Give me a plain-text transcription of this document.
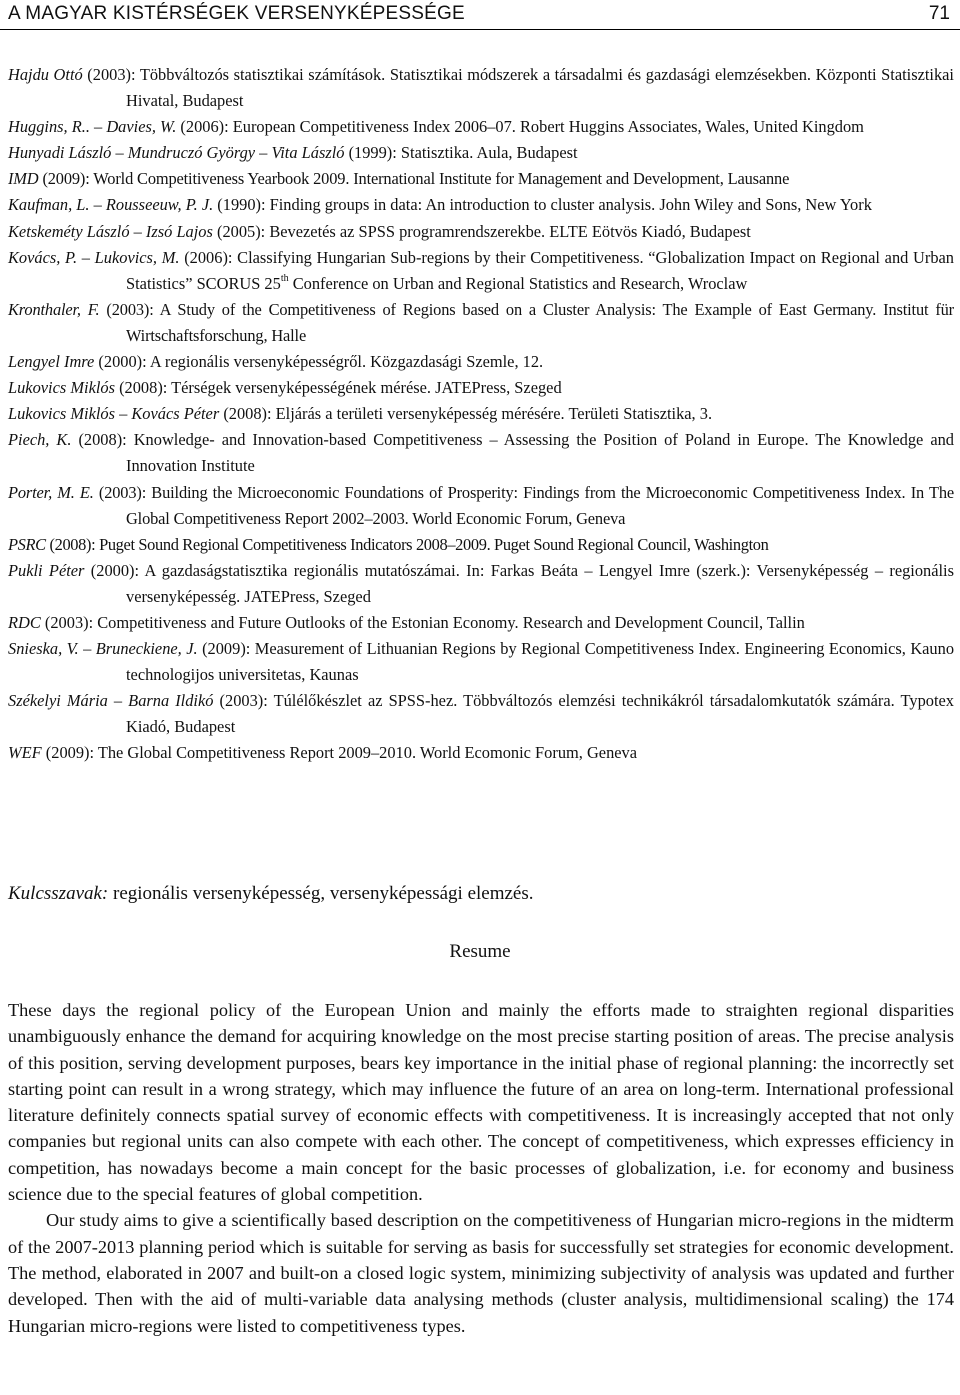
A MAGYAR KISTÉRSÉGEK VERSENYKÉPESSÉGE	71

Hajdu Ottó (2003): Többváltozós statisztikai számítások. Statisztikai módszerek a társadalmi és gazdasági elemzésekben. Központi Statisztikai Hivatal, Budapest

Huggins, R.. – Davies, W. (2006): European Competitiveness Index 2006–07. Robert Huggins Associates, Wales, United Kingdom

Hunyadi László – Mundruczó György – Vita László (1999): Statisztika. Aula, Budapest

IMD (2009): World Competitiveness Yearbook 2009. International Institute for Management and Development, Lausanne

Kaufman, L. – Rousseeuw, P. J. (1990): Finding groups in data: An introduction to cluster analysis. John Wiley and Sons, New York

Ketskeméty László – Izsó Lajos (2005): Bevezetés az SPSS programrendszerekbe. ELTE Eötvös Kiadó, Budapest

Kovács, P. – Lukovics, M. (2006): Classifying Hungarian Sub-regions by their Competitiveness. “Globalization Impact on Regional and Urban Statistics” SCORUS 25th Conference on Urban and Regional Statistics and Research, Wroclaw

Kronthaler, F. (2003): A Study of the Competitiveness of Regions based on a Cluster Analysis: The Example of East Germany. Institut für Wirtschaftsforschung, Halle

Lengyel Imre (2000): A regionális versenyképességről. Közgazdasági Szemle, 12.

Lukovics Miklós (2008): Térségek versenyképességének mérése. JATEPress, Szeged

Lukovics Miklós – Kovács Péter (2008): Eljárás a területi versenyképesség mérésére. Területi Statisztika, 3.

Piech, K. (2008): Knowledge- and Innovation-based Competitiveness – Assessing the Position of Poland in Europe. The Knowledge and Innovation Institute

Porter, M. E. (2003): Building the Microeconomic Foundations of Prosperity: Findings from the Microeconomic Competitiveness Index. In The Global Competitiveness Report 2002–2003. World Economic Forum, Geneva

PSRC (2008): Puget Sound Regional Competitiveness Indicators 2008–2009. Puget Sound Regional Council, Washington

Pukli Péter (2000): A gazdaságstatisztika regionális mutatószámai. In: Farkas Beáta – Lengyel Imre (szerk.): Versenyképesség – regionális versenyképesség. JATEPress, Szeged

RDC (2003): Competitiveness and Future Outlooks of the Estonian Economy. Research and Development Council, Tallin

Snieska, V. – Bruneckiene, J. (2009): Measurement of Lithuanian Regions by Regional Competitiveness Index. Engineering Economics, Kauno technologijos universitetas, Kaunas

Székelyi Mária – Barna Ildikó (2003): Túlélőkészlet az SPSS-hez. Többváltozós elemzési technikákról társadalomkutatók számára. Typotex Kiadó, Budapest

WEF (2009): The Global Competitiveness Report 2009–2010. World Ecomonic Forum, Geneva

Kulcsszavak: regionális versenyképesség, versenyképessági elemzés.
Resume

These days the regional policy of the European Union and mainly the efforts made to straighten regional disparities unambiguously enhance the demand for acquiring knowledge on the most precise starting position of areas. The precise analysis of this position, serving development purposes, bears key importance in the initial phase of regional planning: the incorrectly set starting point can result in a wrong strategy, which may influence the future of an area on long-term. International professional literature definitely connects spatial survey of economic effects with competitiveness. It is increasingly accepted that not only companies but regional units can also compete with each other. The concept of competitiveness, which expresses efficiency in competition, has nowadays become a main concept for the basic processes of globalization, i.e. for economy and business science due to the special features of global competition.

Our study aims to give a scientifically based description on the competitiveness of Hungarian micro-regions in the midterm of the 2007-2013 planning period which is suitable for serving as basis for successfully set strategies for economic development. The method, elaborated in 2007 and built-on a closed logic system, minimizing subjectivity of analysis was updated and further developed. Then with the aid of multi-variable data analysing methods (cluster analysis, multidimensional scaling) the 174 Hungarian micro-regions were listed to competitiveness types.
